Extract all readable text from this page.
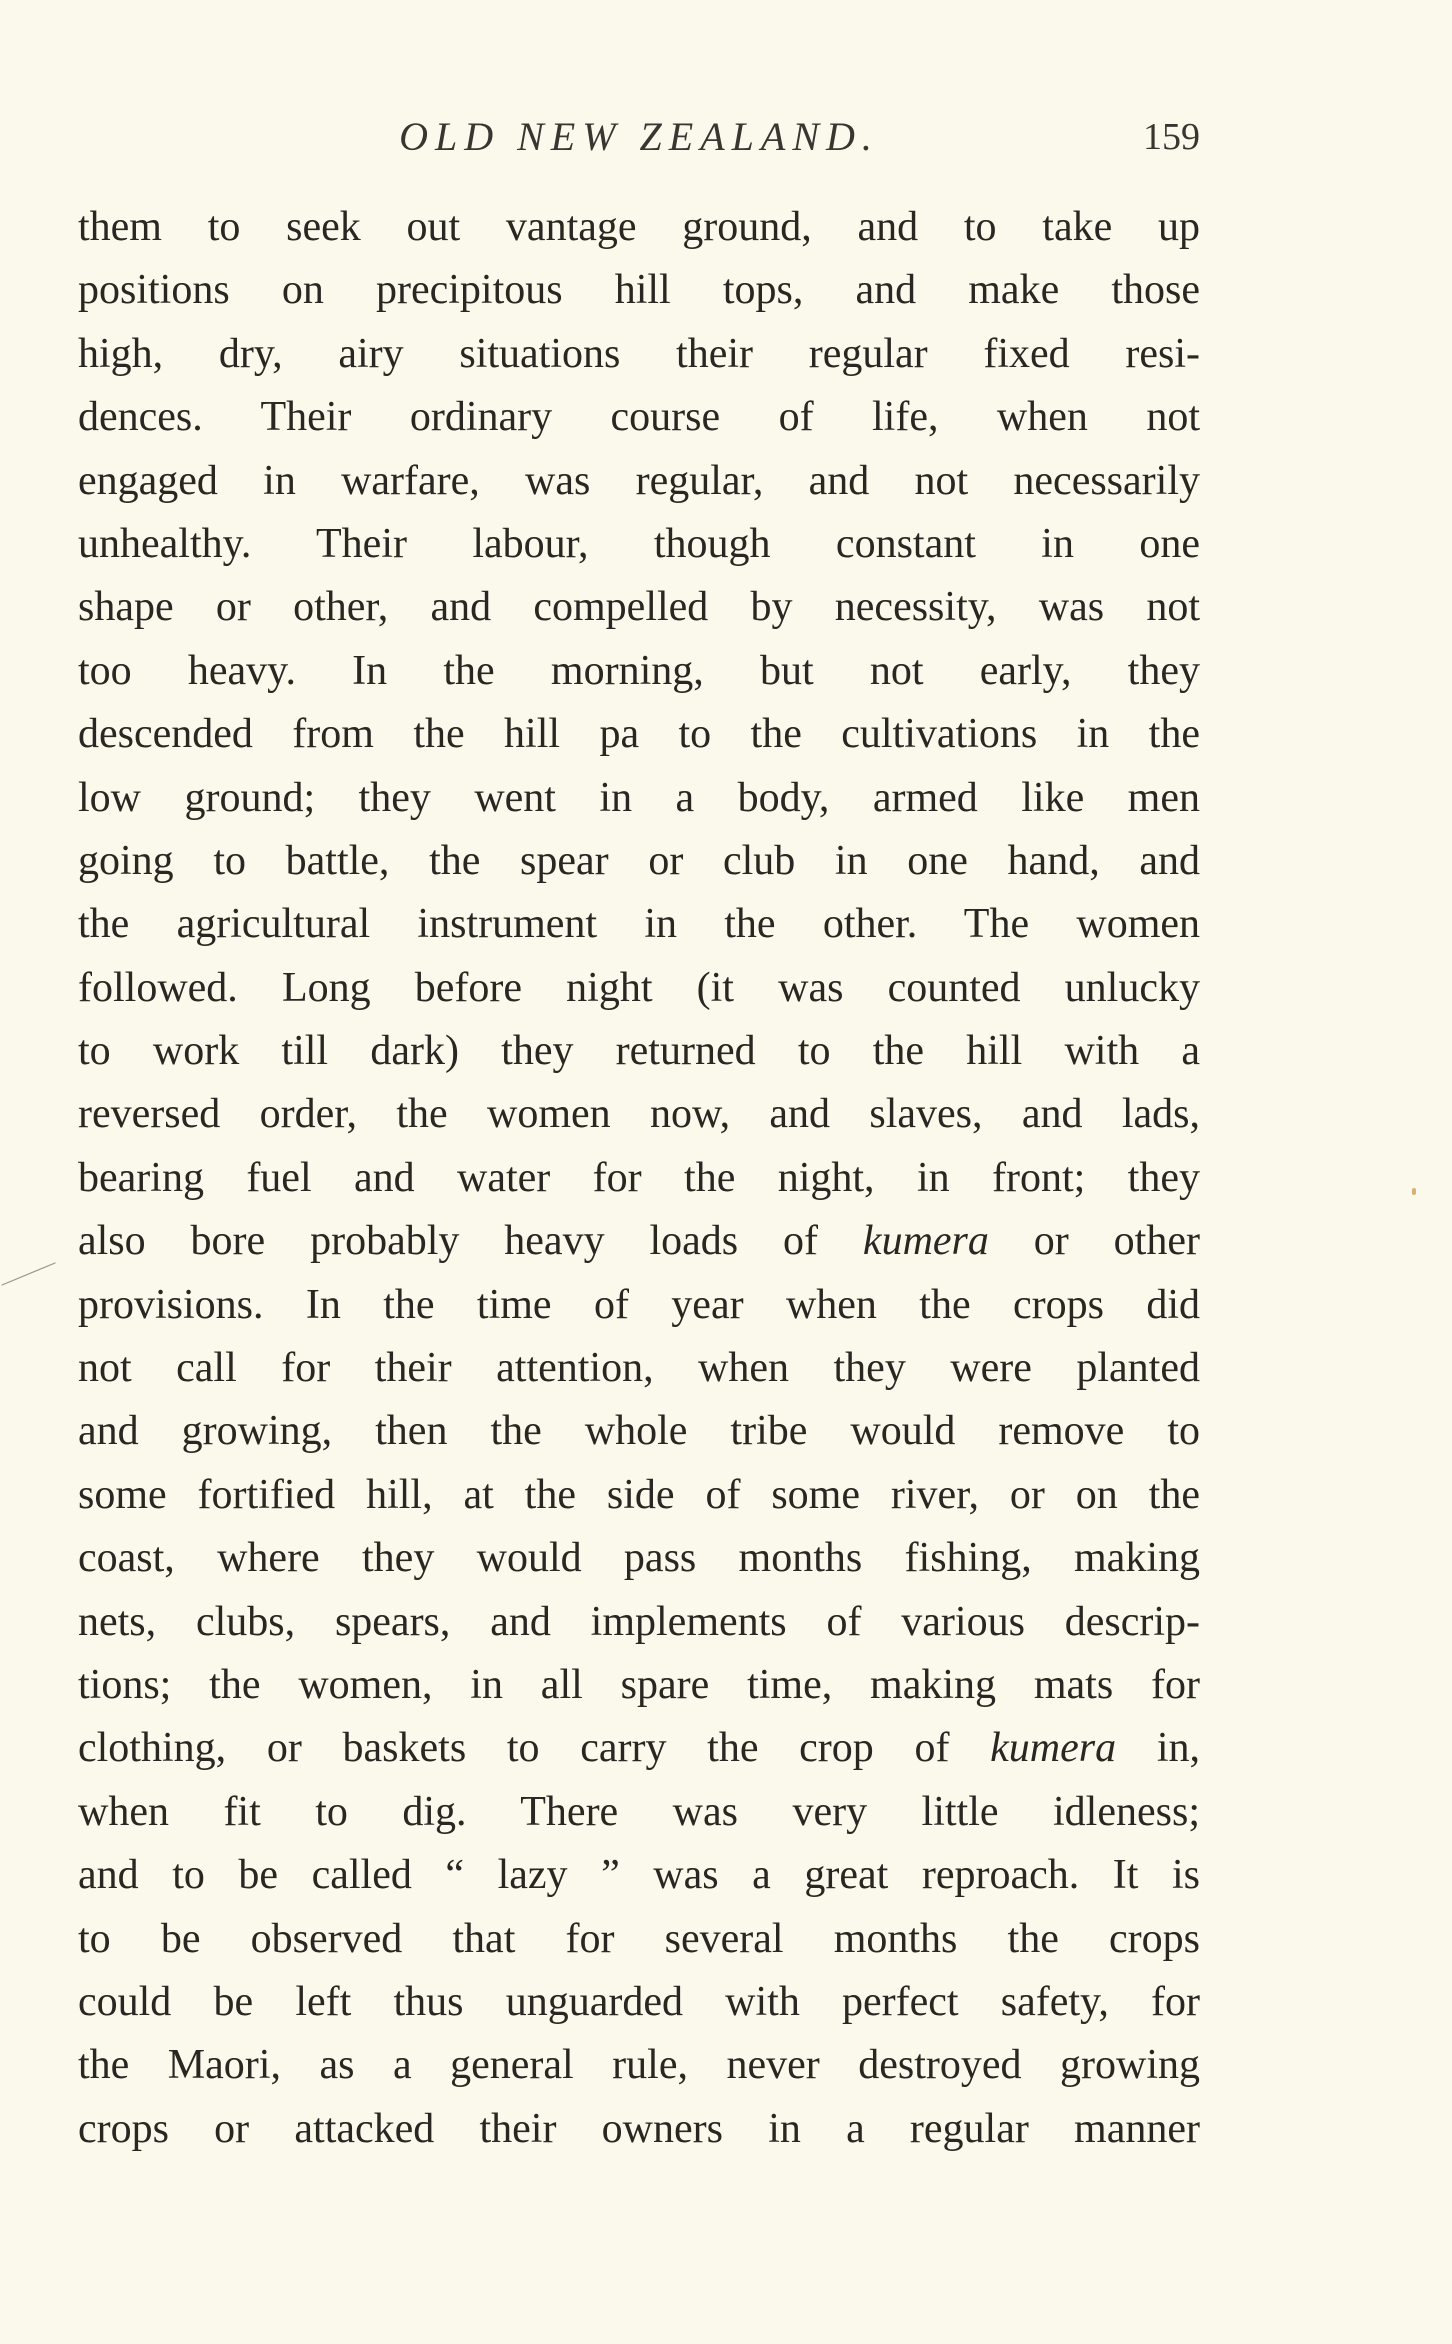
OLD NEW ZEALAND.	159
them to seek out vantage ground, and to take up
positions on precipitous hill tops, and make those
high, dry, airy situations their regular fixed resi-
dences. Their ordinary course of life, when not
engaged in warfare, was regular, and not necessarily
unhealthy. Their labour, though constant in one
shape or other, and compelled by necessity, was not
too heavy. In the morning, but not early, they
descended from the hill pa to the cultivations in the
low ground; they went in a body, armed like men
going to battle, the spear or club in one hand, and
the agricultural instrument in the other. The women
followed. Long before night (it was counted unlucky
to work till dark) they returned to the hill with a
reversed order, the women now, and slaves, and lads,
bearing fuel and water for the night, in front; they
also bore probably heavy loads of kumera or other
provisions. In the time of year when the crops did
not call for their attention, when they were planted
and growing, then the whole tribe would remove to
some fortified hill, at the side of some river, or on the
coast, where they would pass months fishing, making
nets, clubs, spears, and implements of various descrip-
tions; the women, in all spare time, making mats for
clothing, or baskets to carry the crop of kumera in,
when fit to dig. There was very little idleness;
and to be called “ lazy ” was a great reproach. It is
to be observed that for several months the crops
could be left thus unguarded with perfect safety, for
the Maori, as a general rule, never destroyed growing
crops or attacked their owners in a regular manner
